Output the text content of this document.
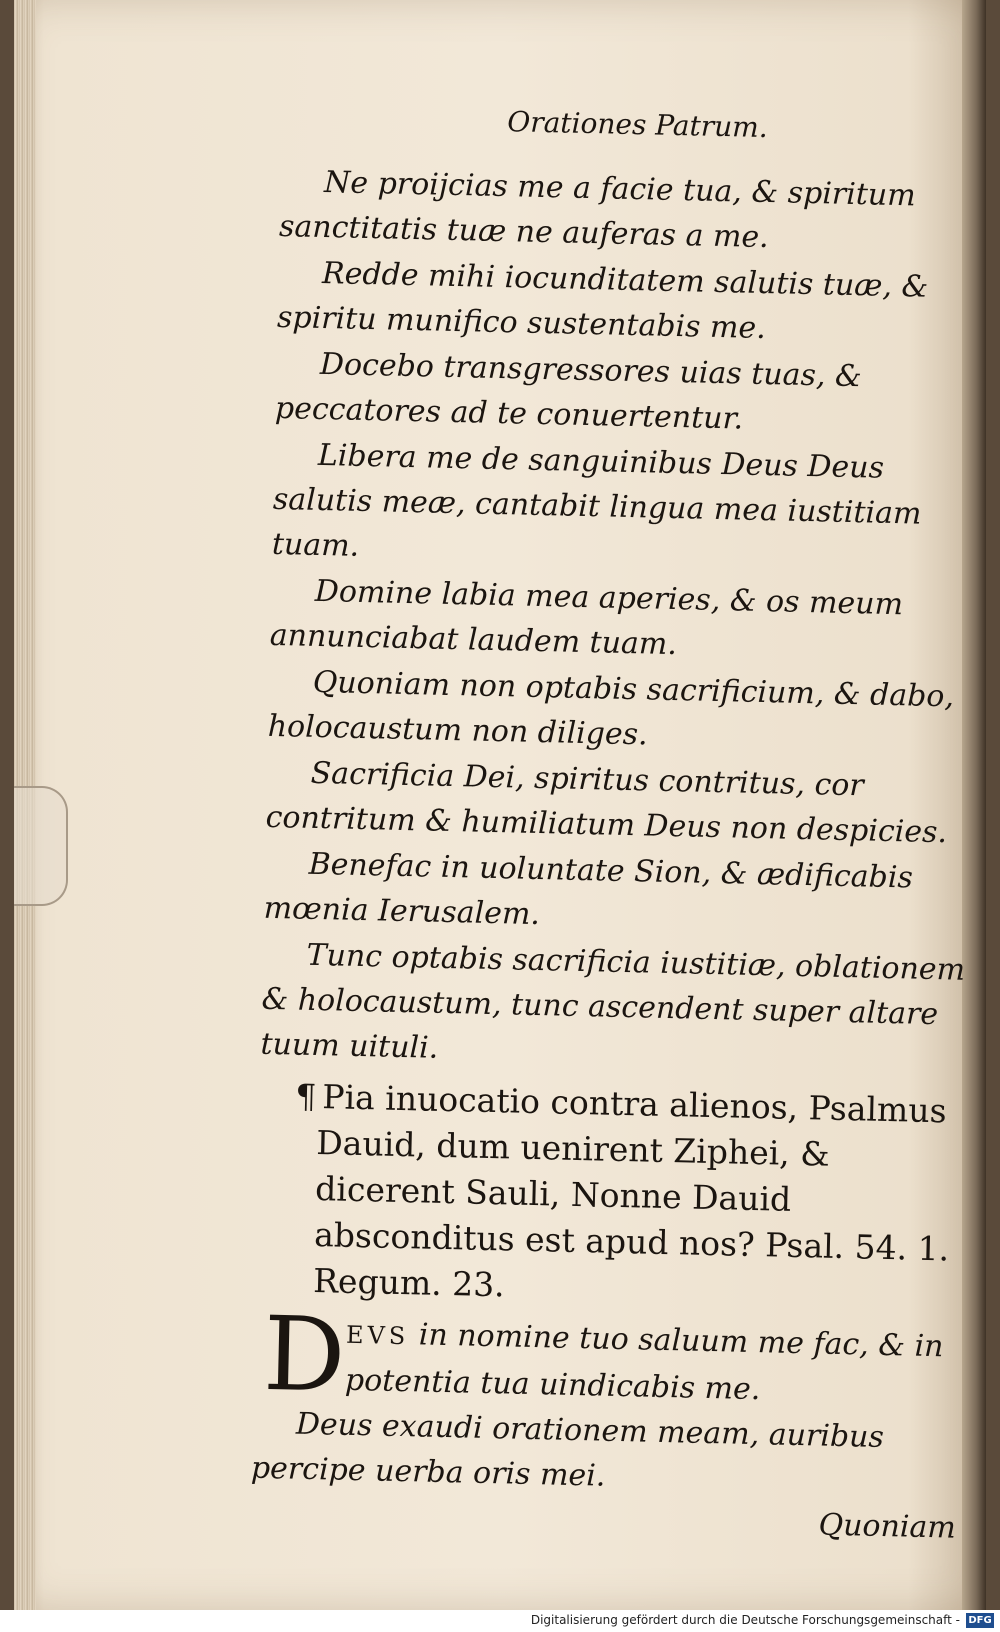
Orationes Patrum.

Ne proijcias me a facie tua, & spiritum sanctitatis tuæ ne auferas a me.

Redde mihi iocunditatem salutis tuæ, & spiritu munifico sustentabis me.

Docebo transgressores uias tuas, & peccatores ad te conuertentur.

Libera me de sanguinibus Deus Deus salutis meæ, cantabit lingua mea iustitiam tuam.

Domine labia mea aperies, & os meum annunciabat laudem tuam.

Quoniam non optabis sacrificium, & dabo, holocaustum non diliges.

Sacrificia Dei, spiritus contritus, cor contritum & humiliatum Deus non despicies.

Benefac in uoluntate Sion, & ædificabis mœnia Ierusalem.

Tunc optabis sacrificia iustitiæ, oblationem & holocaustum, tunc ascendent super altare tuum uituli.

¶ Pia inuocatio contra alienos, Psalmus Dauid, dum uenirent Ziphei, & dicerent Sauli, Nonne Dauid absconditus est apud nos? Psal. 54. 1. Regum. 23.
D EVS in nomine tuo saluum me fac, & in potentia tua uindicabis me.

Deus exaudi orationem meam, auribus percipe uerba oris mei.

Quoniam
Digitalisierung gefördert durch die Deutsche Forschungsgemeinschaft - DFG
